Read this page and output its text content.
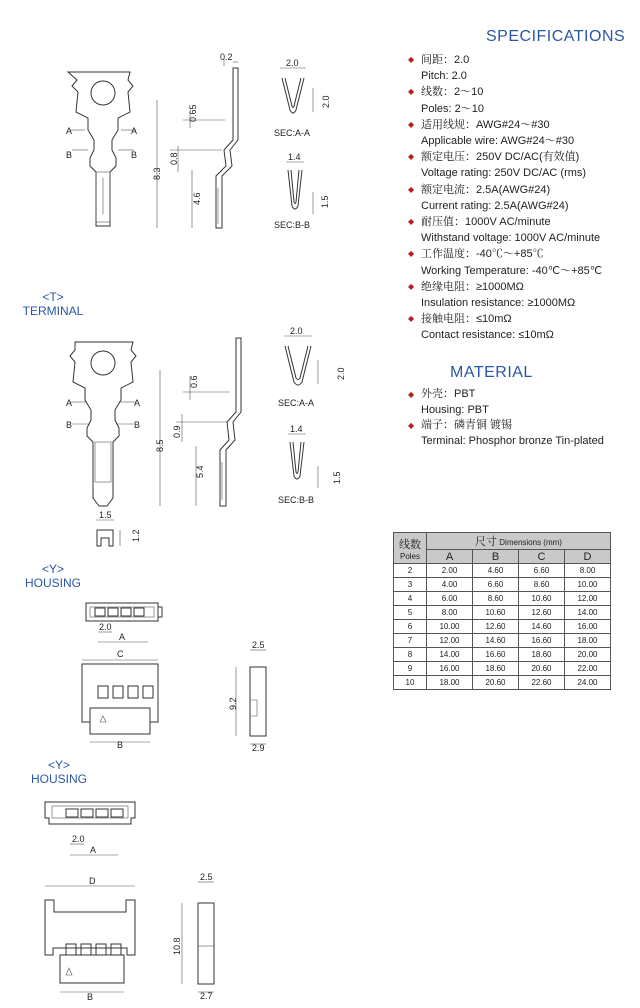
A	A
B	B
0.2
0.65
0.8
8.3
4.6
2.0
2.0
SEC:A-A
1.4
1.5
SEC:B-B
A	A
B	B
0.6
0.9
8.5
5.4
2.0
2.0
SEC:A-A
1.4
1.5
SEC:B-B
1.5
1.2
2.0
A
C
B
2.5
9.2
2.9
2.0
A
D
B
2.5
10.8
2.7
<T>
TERMINAL
<Y>
HOUSING
<Y>
HOUSING
SPECIFICATIONS
◆ 间距：2.0
Pitch: 2.0
◆ 线数：2～10
Poles: 2～10
◆ 适用线规：AWG#24～#30
Applicable wire: AWG#24～#30
◆ 额定电压：250V DC/AC(有效值)
Voltage rating: 250V DC/AC (rms)
◆ 额定电流：2.5A(AWG#24)
Current rating: 2.5A(AWG#24)
◆ 耐压值：1000V AC/minute
Withstand voltage: 1000V AC/minute
◆ 工作温度：-40℃～+85℃
Working Temperature: -40℃～+85℃
◆ 绝缘电阻：≥1000MΩ
Insulation resistance: ≥1000MΩ
◆ 接触电阻：≤10mΩ
Contact resistance: ≤10mΩ
MATERIAL
◆ 外壳：PBT
Housing: PBT
◆ 端子：磷青铜 镀锡
Terminal: Phosphor bronze Tin-plated
线数
Poles	尺寸 Dimensions (mm)			
	A	B	C	D
2	2.00	4.60	6.60	8.00
3	4.00	6.60	8.60	10.00
4	6.00	8.60	10.60	12.00
5	8.00	10.60	12.60	14.00
6	10.00	12.60	14.60	16.00
7	12.00	14.60	16.60	18.00
8	14.00	16.60	18.60	20.00
9	16.00	18.60	20.60	22.00
10	18.00	20.60	22.60	24.00
